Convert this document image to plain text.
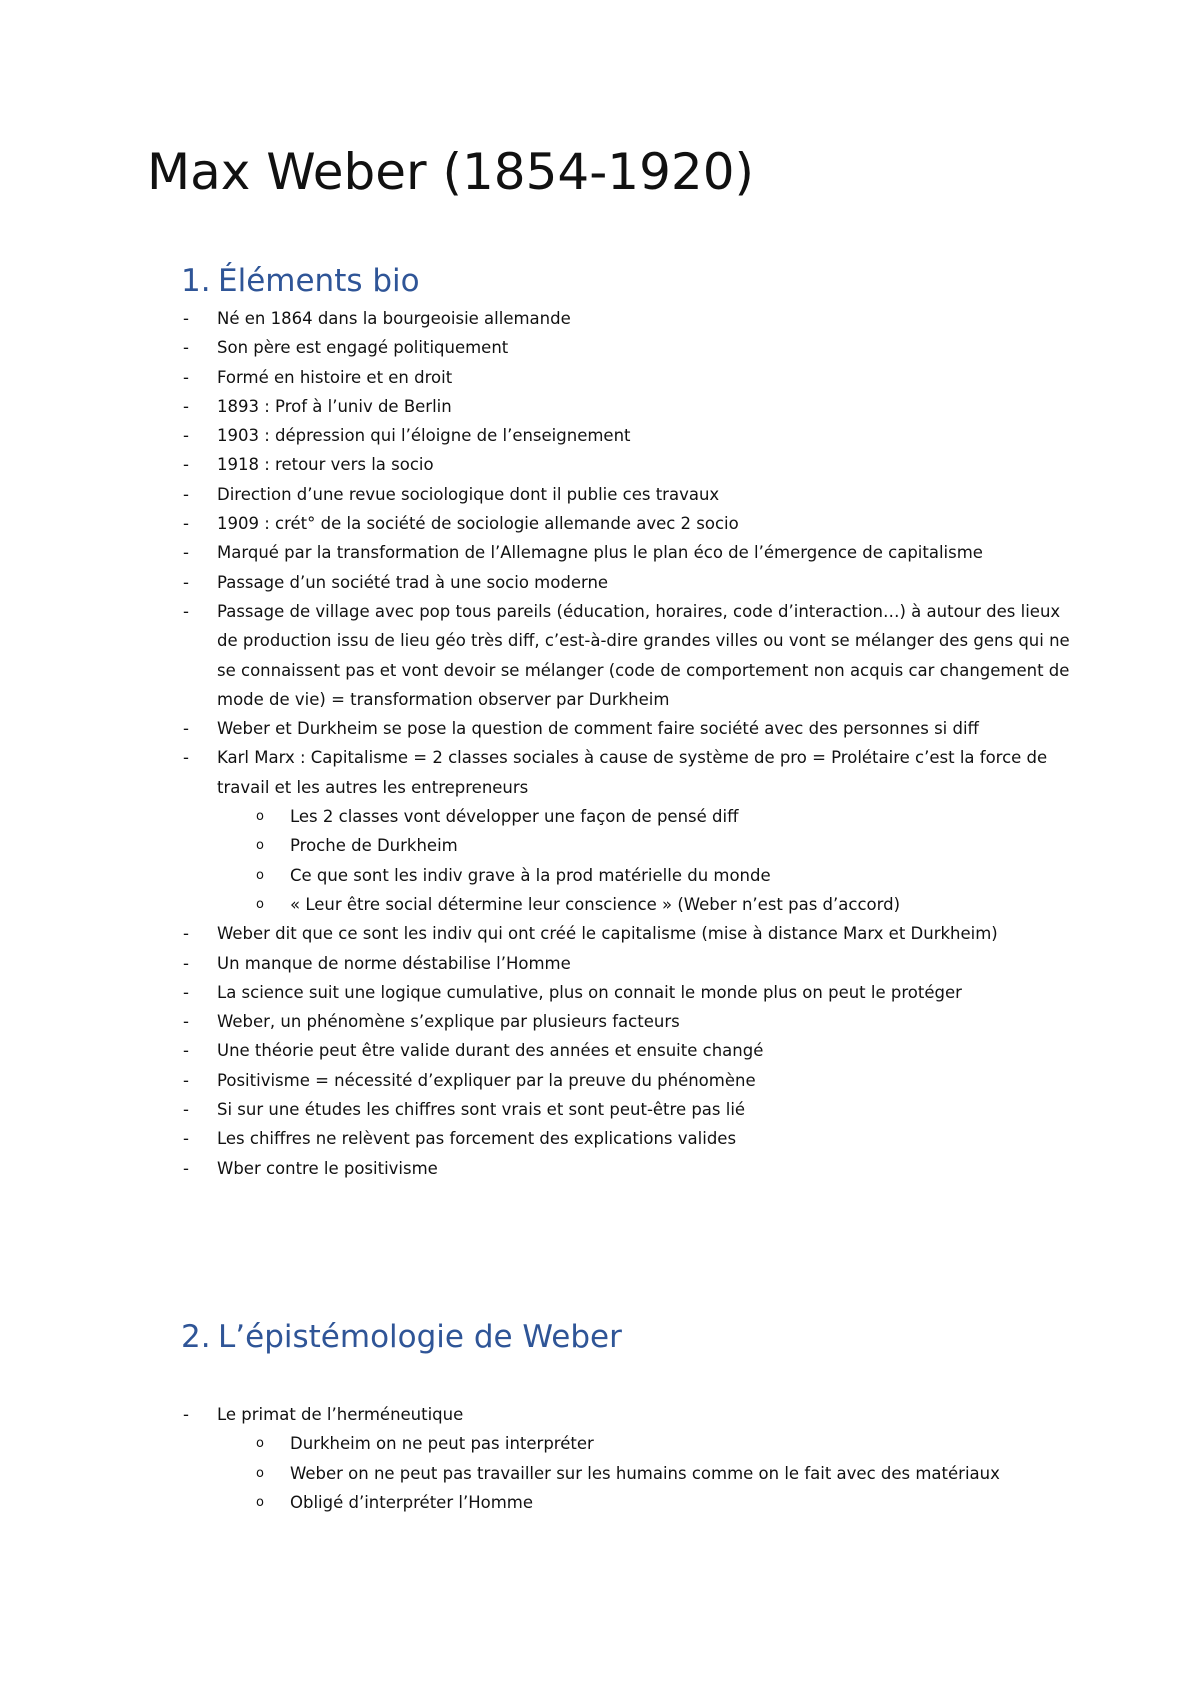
Max Weber (1854-1920)
1. Éléments bio
- Né en 1864 dans la bourgeoisie allemande
- Son père est engagé politiquement
- Formé en histoire et en droit
- 1893 : Prof à l’univ de Berlin
- 1903 : dépression qui l’éloigne de l’enseignement
- 1918 : retour vers la socio
- Direction d’une revue sociologique dont il publie ces travaux
- 1909 : crét° de la société de sociologie allemande avec 2 socio
- Marqué par la transformation de l’Allemagne plus le plan éco de l’émergence de capitalisme
- Passage d’un société trad à une socio moderne
- Passage de village avec pop tous pareils (éducation, horaires, code d’interaction…) à autour des lieux de production issu de lieu géo très diff, c’est-à-dire grandes villes ou vont se mélanger des gens qui ne se connaissent pas et vont devoir se mélanger (code de comportement non acquis car changement de mode de vie) = transformation observer par Durkheim
- Weber et Durkheim se pose la question de comment faire société avec des personnes si diff
- Karl Marx : Capitalisme = 2 classes sociales à cause de système de pro = Prolétaire c’est la force de travail et les autres les entrepreneurs
o Les 2 classes vont développer une façon de pensé diff
o Proche de Durkheim
o Ce que sont les indiv grave à la prod matérielle du monde
o « Leur être social détermine leur conscience » (Weber n’est pas d’accord)
- Weber dit que ce sont les indiv qui ont créé le capitalisme (mise à distance Marx et Durkheim)
- Un manque de norme déstabilise l’Homme
- La science suit une logique cumulative, plus on connait le monde plus on peut le protéger
- Weber, un phénomène s’explique par plusieurs facteurs
- Une théorie peut être valide durant des années et ensuite changé
- Positivisme = nécessité d’expliquer par la preuve du phénomène
- Si sur une études les chiffres sont vrais et sont peut-être pas lié
- Les chiffres ne relèvent pas forcement des explications valides
- Wber contre le positivisme
2. L’épistémologie de Weber
- Le primat de l’herméneutique
o Durkheim on ne peut pas interpréter
o Weber on ne peut pas travailler sur les humains comme on le fait avec des matériaux
o Obligé d’interpréter l’Homme
